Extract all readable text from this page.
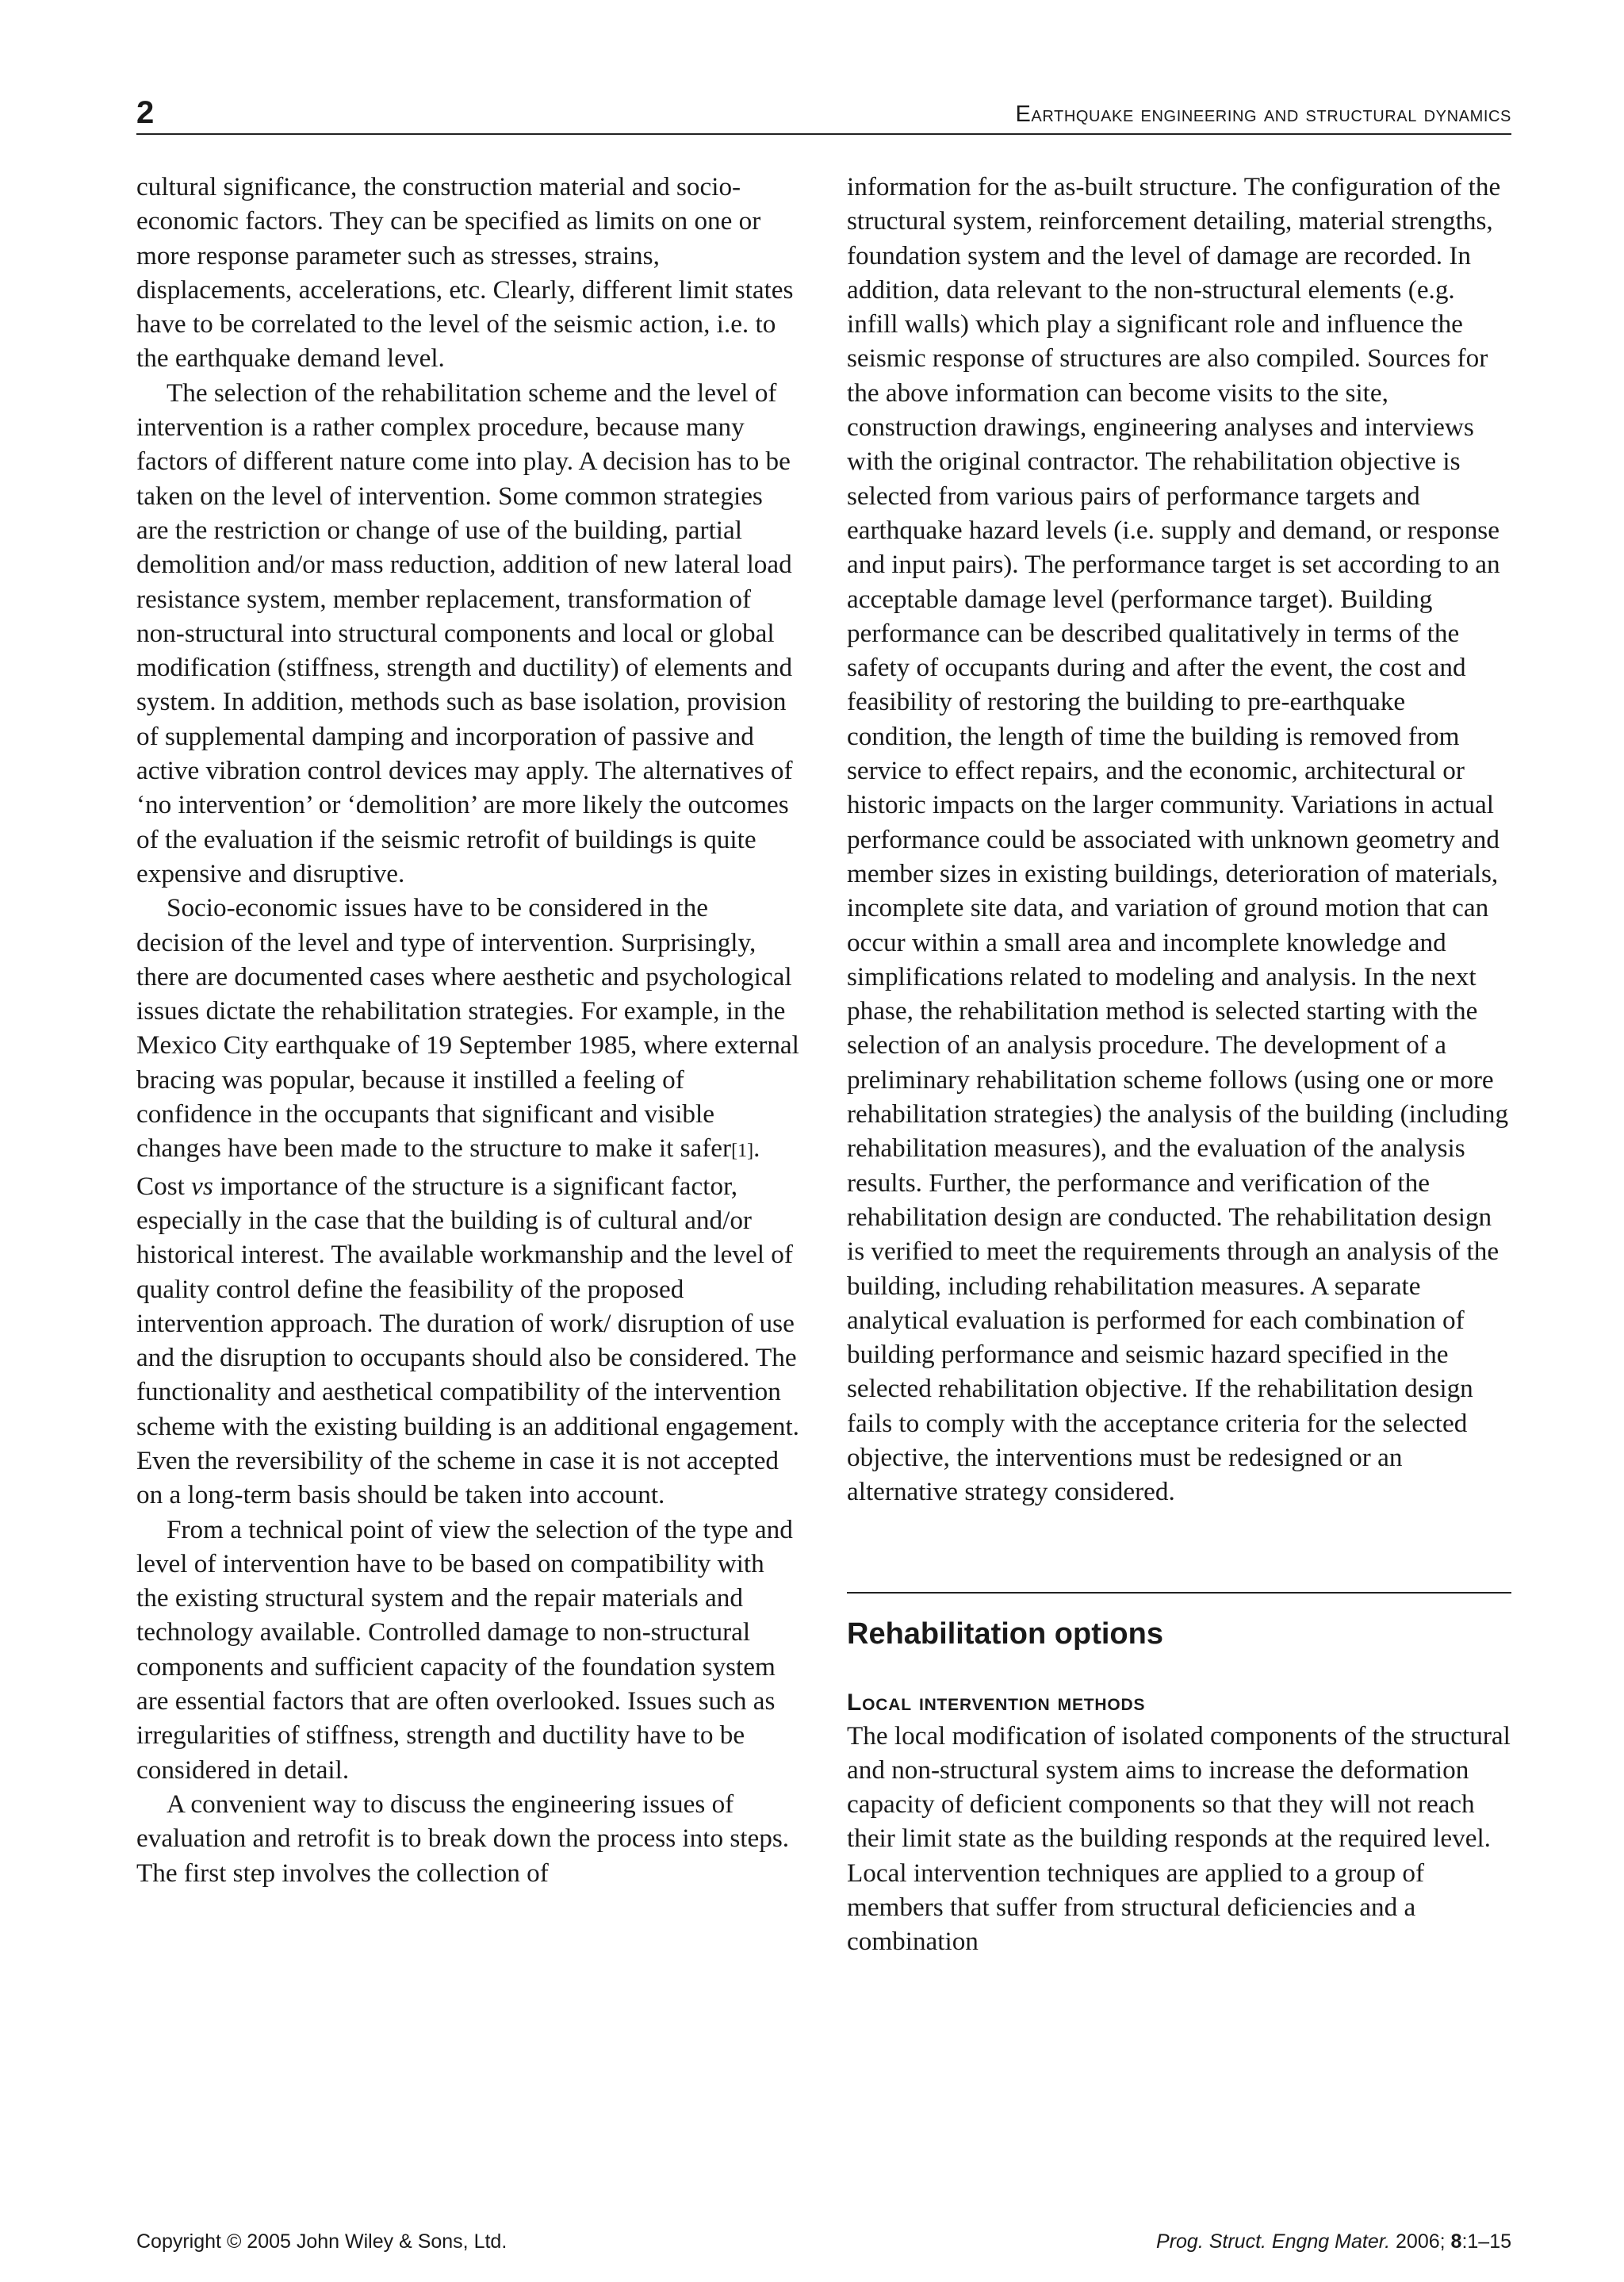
2	Earthquake engineering and structural dynamics

cultural significance, the construction material and socio-economic factors. They can be specified as limits on one or more response parameter such as stresses, strains, displacements, accelerations, etc. Clearly, different limit states have to be correlated to the level of the seismic action, i.e. to the earthquake demand level.

The selection of the rehabilitation scheme and the level of intervention is a rather complex procedure, because many factors of different nature come into play. A decision has to be taken on the level of intervention. Some common strategies are the restriction or change of use of the building, partial demolition and/or mass reduction, addition of new lateral load resistance system, member replacement, transformation of non-structural into structural components and local or global modification (stiffness, strength and ductility) of elements and system. In addition, methods such as base isolation, provision of supplemental damping and incorporation of passive and active vibration control devices may apply. The alternatives of ‘no intervention’ or ‘demolition’ are more likely the outcomes of the evaluation if the seismic retrofit of buildings is quite expensive and disruptive.

Socio-economic issues have to be considered in the decision of the level and type of intervention. Surprisingly, there are documented cases where aesthetic and psychological issues dictate the rehabilitation strategies. For example, in the Mexico City earthquake of 19 September 1985, where external bracing was popular, because it instilled a feeling of confidence in the occupants that significant and visible changes have been made to the structure to make it safer[1]. Cost vs importance of the structure is a significant factor, especially in the case that the building is of cultural and/or historical interest. The available workmanship and the level of quality control define the feasibility of the proposed intervention approach. The duration of work/ disruption of use and the disruption to occupants should also be considered. The functionality and aesthetical compatibility of the intervention scheme with the existing building is an additional engagement. Even the reversibility of the scheme in case it is not accepted on a long-term basis should be taken into account.

From a technical point of view the selection of the type and level of intervention have to be based on compatibility with the existing structural system and the repair materials and technology available. Controlled damage to non-structural components and sufficient capacity of the foundation system are essential factors that are often overlooked. Issues such as irregularities of stiffness, strength and ductility have to be considered in detail.

A convenient way to discuss the engineering issues of evaluation and retrofit is to break down the process into steps. The first step involves the collection of

information for the as-built structure. The configuration of the structural system, reinforcement detailing, material strengths, foundation system and the level of damage are recorded. In addition, data relevant to the non-structural elements (e.g. infill walls) which play a significant role and influence the seismic response of structures are also compiled. Sources for the above information can become visits to the site, construction drawings, engineering analyses and interviews with the original contractor. The rehabilitation objective is selected from various pairs of performance targets and earthquake hazard levels (i.e. supply and demand, or response and input pairs). The performance target is set according to an acceptable damage level (performance target). Building performance can be described qualitatively in terms of the safety of occupants during and after the event, the cost and feasibility of restoring the building to pre-earthquake condition, the length of time the building is removed from service to effect repairs, and the economic, architectural or historic impacts on the larger community. Variations in actual performance could be associated with unknown geometry and member sizes in existing buildings, deterioration of materials, incomplete site data, and variation of ground motion that can occur within a small area and incomplete knowledge and simplifications related to modeling and analysis. In the next phase, the rehabilitation method is selected starting with the selection of an analysis procedure. The development of a preliminary rehabilitation scheme follows (using one or more rehabilitation strategies) the analysis of the building (including rehabilitation measures), and the evaluation of the analysis results. Further, the performance and verification of the rehabilitation design are conducted. The rehabilitation design is verified to meet the requirements through an analysis of the building, including rehabilitation measures. A separate analytical evaluation is performed for each combination of building performance and seismic hazard specified in the selected rehabilitation objective. If the rehabilitation design fails to comply with the acceptance criteria for the selected objective, the interventions must be redesigned or an alternative strategy considered.

Rehabilitation options
Local intervention methods

The local modification of isolated components of the structural and non-structural system aims to increase the deformation capacity of deficient components so that they will not reach their limit state as the building responds at the required level. Local intervention techniques are applied to a group of members that suffer from structural deficiencies and a combination

Copyright © 2005 John Wiley & Sons, Ltd.	Prog. Struct. Engng Mater. 2006; 8:1–15
